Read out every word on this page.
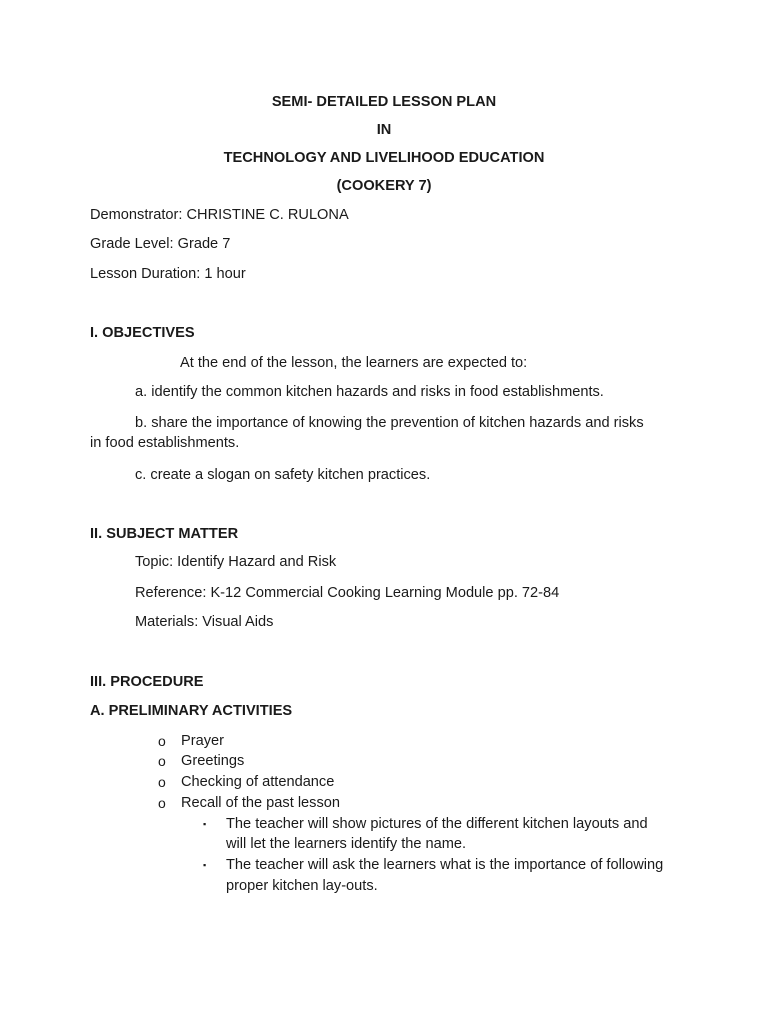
SEMI- DETAILED LESSON PLAN
IN
TECHNOLOGY AND LIVELIHOOD EDUCATION
(COOKERY 7)
Demonstrator: CHRISTINE C. RULONA
Grade Level: Grade 7
Lesson Duration: 1 hour
I. OBJECTIVES
At the end of the lesson, the learners are expected to:
a. identify the common kitchen hazards and risks in food establishments.
b. share the importance of knowing the prevention of kitchen hazards and risks
in food establishments.
c. create a slogan on safety kitchen practices.
II. SUBJECT MATTER
Topic: Identify Hazard and Risk
Reference: K-12 Commercial Cooking Learning Module pp. 72-84
Materials: Visual Aids
III. PROCEDURE
A. PRELIMINARY ACTIVITIES
o Prayer
o Greetings
o Checking of attendance
o Recall of the past lesson
▪ The teacher will show pictures of the different kitchen layouts and
will let the learners identify the name.
▪ The teacher will ask the learners what is the importance of following
proper kitchen lay-outs.
